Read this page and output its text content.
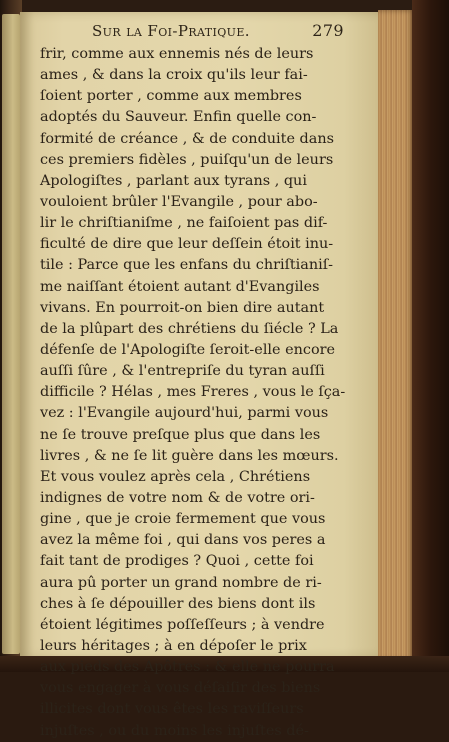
Sur la Foi-Pratique.	279
frir, comme aux ennemis nés de leurs
ames , & dans la croix qu'ils leur fai-
ſoient porter , comme aux membres
adoptés du Sauveur. Enfin quelle con-
formité de créance , & de conduite dans
ces premiers fidèles , puiſqu'un de leurs
Apologiſtes , parlant aux tyrans , qui
vouloient brûler l'Evangile , pour abo-
lir le chriſtianiſme , ne faiſoient pas dif-
ficulté de dire que leur deſſein étoit inu-
tile : Parce que les enfans du chriſtianiſ-
me naiſſant étoient autant d'Evangiles
vivans. En pourroit-on bien dire autant
de la plûpart des chrétiens du ſiécle ? La
défenſe de l'Apologiſte ſeroit-elle encore
auſſi ſûre , & l'entrepriſe du tyran auſſi
difficile ? Hélas , mes Freres , vous le ſça-
vez : l'Evangile aujourd'hui, parmi vous
ne ſe trouve preſque plus que dans les
livres , & ne ſe lit guère dans les mœurs.
Et vous voulez après cela , Chrétiens
indignes de votre nom & de votre ori-
gine , que je croie fermement que vous
avez la même foi , qui dans vos peres a
fait tant de prodiges ? Quoi , cette foi
aura pû porter un grand nombre de ri-
ches à ſe dépouiller des biens dont ils
étoient légitimes poſſeſſeurs ; à vendre
leurs héritages ; à en dépoſer le prix
aux pieds des Apôtres : & elle ne pourra
vous engager à vous déſaiſir des biens
illicites dont vous êtes les raviſſeurs
injuſtes , ou du moins les injuſtes dé-
